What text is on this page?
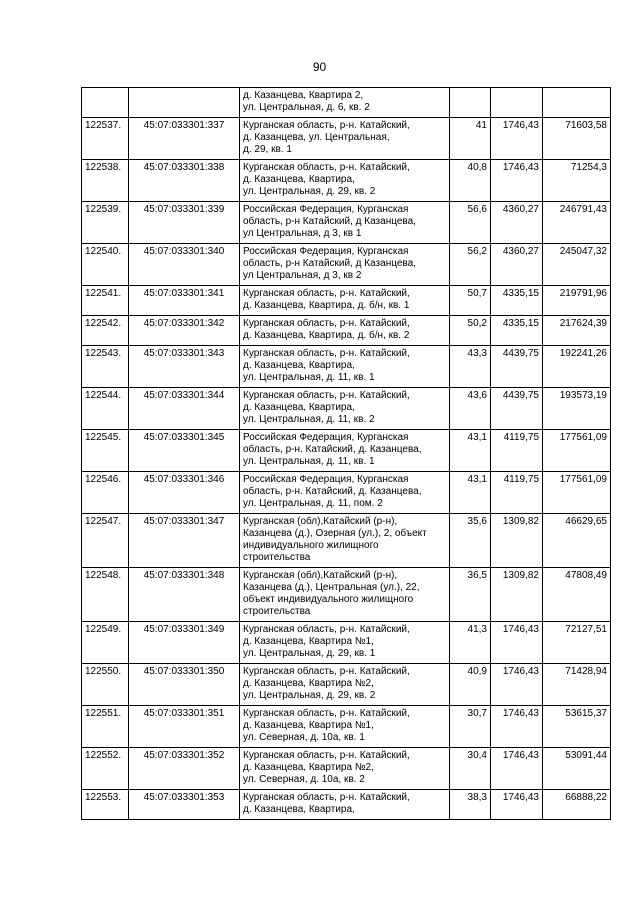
90

		д. Казанцева, Квартира 2,
ул. Центральная, д. 6, кв. 2			

122537.	45:07:033301:337	Курганская область, р-н. Катайский,
д. Казанцева, ул. Центральная,
д. 29, кв. 1	41	1746,43	71603,58
122538.	45:07:033301:338	Курганская область, р-н. Катайский,
д. Казанцева, Квартира,
ул. Центральная, д. 29, кв. 2	40,8	1746,43	71254,3
122539.	45:07:033301:339	Российская Федерация, Курганская
область, р-н Катайский, д Казанцева,
ул Центральная, д 3, кв 1	56,6	4360,27	246791,43
122540.	45:07:033301:340	Российская Федерация, Курганская
область, р-н Катайский, д Казанцева,
ул Центральная, д 3, кв 2	56,2	4360,27	245047,32
122541.	45:07:033301:341	Курганская область, р-н. Катайский,
д. Казанцева, Квартира, д. б/н, кв. 1	50,7	4335,15	219791,96
122542.	45:07:033301:342	Курганская область, р-н. Катайский,
д. Казанцева, Квартира, д. б/н, кв. 2	50,2	4335,15	217624,39
122543.	45:07:033301:343	Курганская область, р-н. Катайский,
д. Казанцева, Квартира,
ул. Центральная, д. 11, кв. 1	43,3	4439,75	192241,26
122544.	45:07:033301:344	Курганская область, р-н. Катайский,
д. Казанцева, Квартира,
ул. Центральная, д. 11, кв. 2	43,6	4439,75	193573,19
122545.	45:07:033301:345	Российская Федерация, Курганская
область, р-н. Катайский, д. Казанцева,
ул. Центральная, д. 11, кв. 1	43,1	4119,75	177561,09
122546.	45:07:033301:346	Российская Федерация, Курганская
область, р-н. Катайский, д. Казанцева,
ул. Центральная, д. 11, пом. 2	43,1	4119,75	177561,09
122547.	45:07:033301:347	Курганская (обл),Катайский (р-н),
Казанцева (д.), Озерная (ул.), 2, объект
индивидуального жилищного
строительства	35,6	1309,82	46629,65
122548.	45:07:033301:348	Курганская (обл),Катайский (р-н),
Казанцева (д.), Центральная (ул.), 22,
объект индивидуального жилищного
строительства	36,5	1309,82	47808,49
122549.	45:07:033301:349	Курганская область, р-н. Катайский,
д. Казанцева, Квартира №1,
ул. Центральная, д. 29, кв. 1	41,3	1746,43	72127,51
122550.	45:07:033301:350	Курганская область, р-н. Катайский,
д. Казанцева, Квартира №2,
ул. Центральная, д. 29, кв. 2	40,9	1746,43	71428,94
122551.	45:07:033301:351	Курганская область, р-н. Катайский,
д. Казанцева, Квартира №1,
ул. Северная, д. 10а, кв. 1	30,7	1746,43	53615,37
122552.	45:07:033301:352	Курганская область, р-н. Катайский,
д. Казанцева, Квартира №2,
ул. Северная, д. 10а, кв. 2	30,4	1746,43	53091,44
122553.	45:07:033301:353	Курганская область, р-н. Катайский,
д. Казанцева, Квартира,	38,3	1746,43	66888,22
